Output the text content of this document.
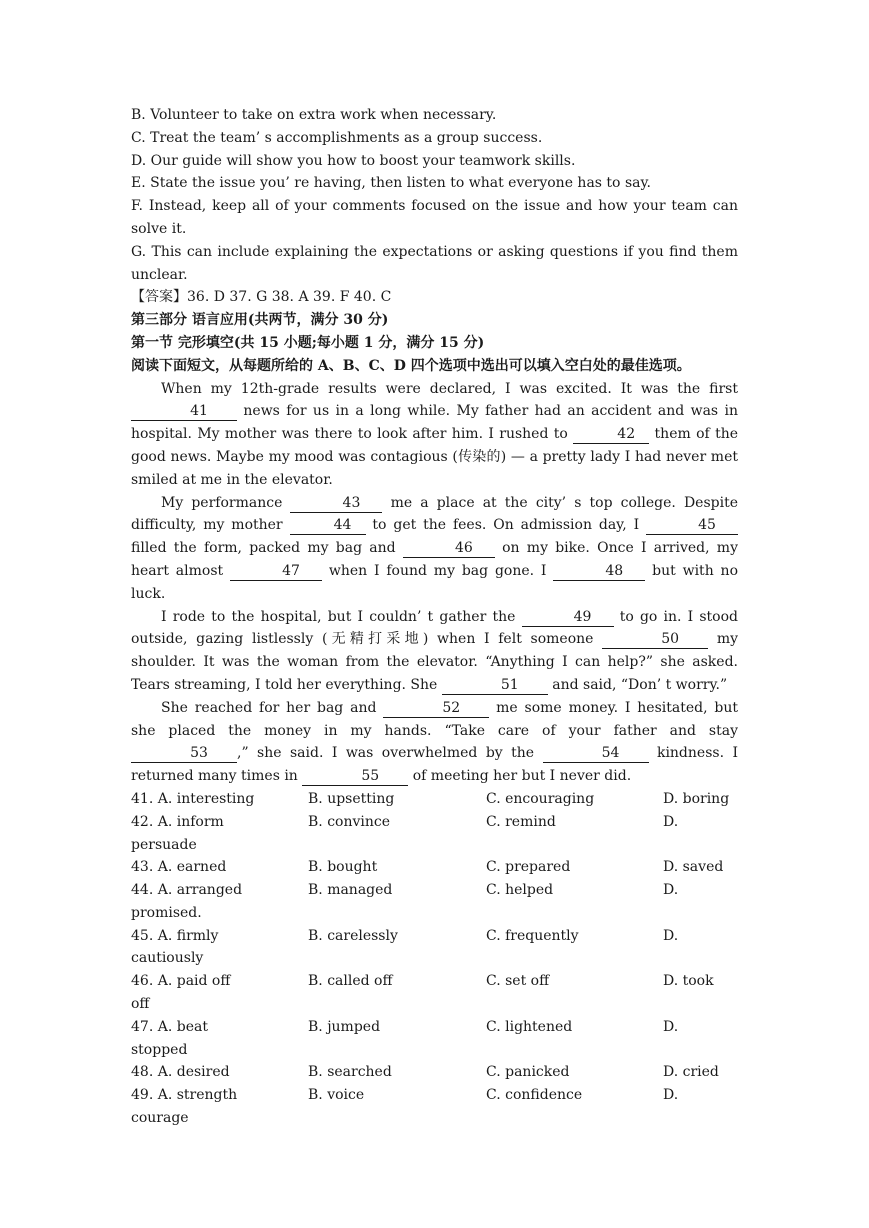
B. Volunteer to take on extra work when necessary.
C. Treat the team’ s accomplishments as a group success.
D. Our guide will show you how to boost your teamwork skills.
E. State the issue you’ re having, then listen to what everyone has to say.

F. Instead, keep all of your comments focused on the issue and how your team can solve it.

G. This can include explaining the expectations or asking questions if you find them unclear.

【答案】36. D 37. G 38. A 39. F 40. C
第三部分 语言应用(共两节，满分 30 分)
第一节 完形填空(共 15 小题;每小题 1 分，满分 15 分)
阅读下面短文，从每题所给的 A、B、C、D 四个选项中选出可以填入空白处的最佳选项。

When my 12th-grade results were declared, I was excited. It was the first 41 news for us in a long while. My father had an accident and was in hospital. My mother was there to look after him. I rushed to	42 them of the good news. Maybe my mood was contagious (传染的) — a pretty lady I had never met smiled at me in the elevator.

My performance	43 me a place at the city’ s top college. Despite difficulty, my mother	44 to get the fees. On admission day, I	45 filled the form, packed my bag and	46 on my bike. Once I arrived, my heart almost	47 when I found my bag gone. I	48 but with no luck.

I rode to the hospital, but I couldn’ t gather the	49 to go in. I stood outside, gazing listlessly (无精打采地) when I felt someone	50 my shoulder. It was the woman from the elevator. “Anything I can help?” she asked. Tears streaming, I told her everything. She	51 and said, “Don’ t worry.”

She reached for her bag and	52 me some money. I hesitated, but she placed the money in my hands. “Take care of your father and stay 53 ,” she said. I was overwhelmed by the	54 kindness. I returned many times in	55 of meeting her but I never did.

41. A. interesting	B. upsetting	C. encouraging	D. boring
42. A. inform	B. convince	C. remind	D.
persuade
43. A. earned	B. bought	C. prepared	D. saved
44. A. arranged	B. managed	C. helped	D.
promised.
45. A. firmly	B. carelessly	C. frequently	D.
cautiously
46. A. paid off	B. called off	C. set off	D. took
off
47. A. beat	B. jumped	C. lightened	D.
stopped
48. A. desired	B. searched	C. panicked	D. cried
49. A. strength	B. voice	C. confidence	D.
courage
